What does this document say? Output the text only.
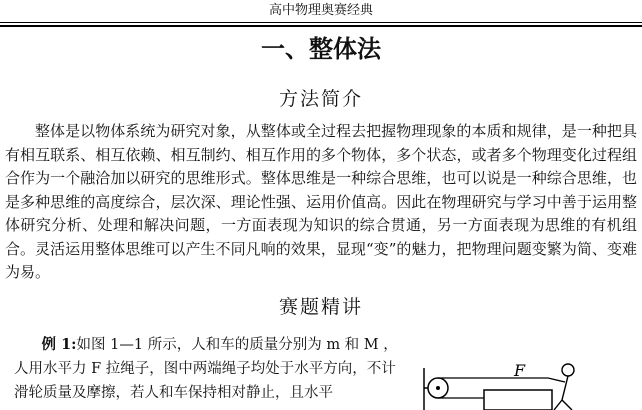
高中物理奥赛经典
一、整体法
方法简介

整体是以物体系统为研究对象，从整体或全过程去把握物理现象的本质和规律，是一种把具有相互联系、相互依赖、相互制约、相互作用的多个物体，多个状态，或者多个物理变化过程组合作为一个融洽加以研究的思维形式。整体思维是一种综合思维，也可以说是一种综合思维，也是多种思维的高度综合，层次深、理论性强、运用价值高。因此在物理研究与学习中善于运用整体研究分析、处理和解决问题，一方面表现为知识的综合贯通，另一方面表现为思维的有机组合。灵活运用整体思维可以产生不同凡响的效果，显现“变”的魅力，把物理问题变繁为简、变难为易。

赛题精讲

例 1:如图 1—1 所示，人和车的质量分别为 m 和 M ，人用水平力 F 拉绳子，图中两端绳子均处于水平方向，不计滑轮质量及摩擦，若人和车保持相对静止，且水平

F
